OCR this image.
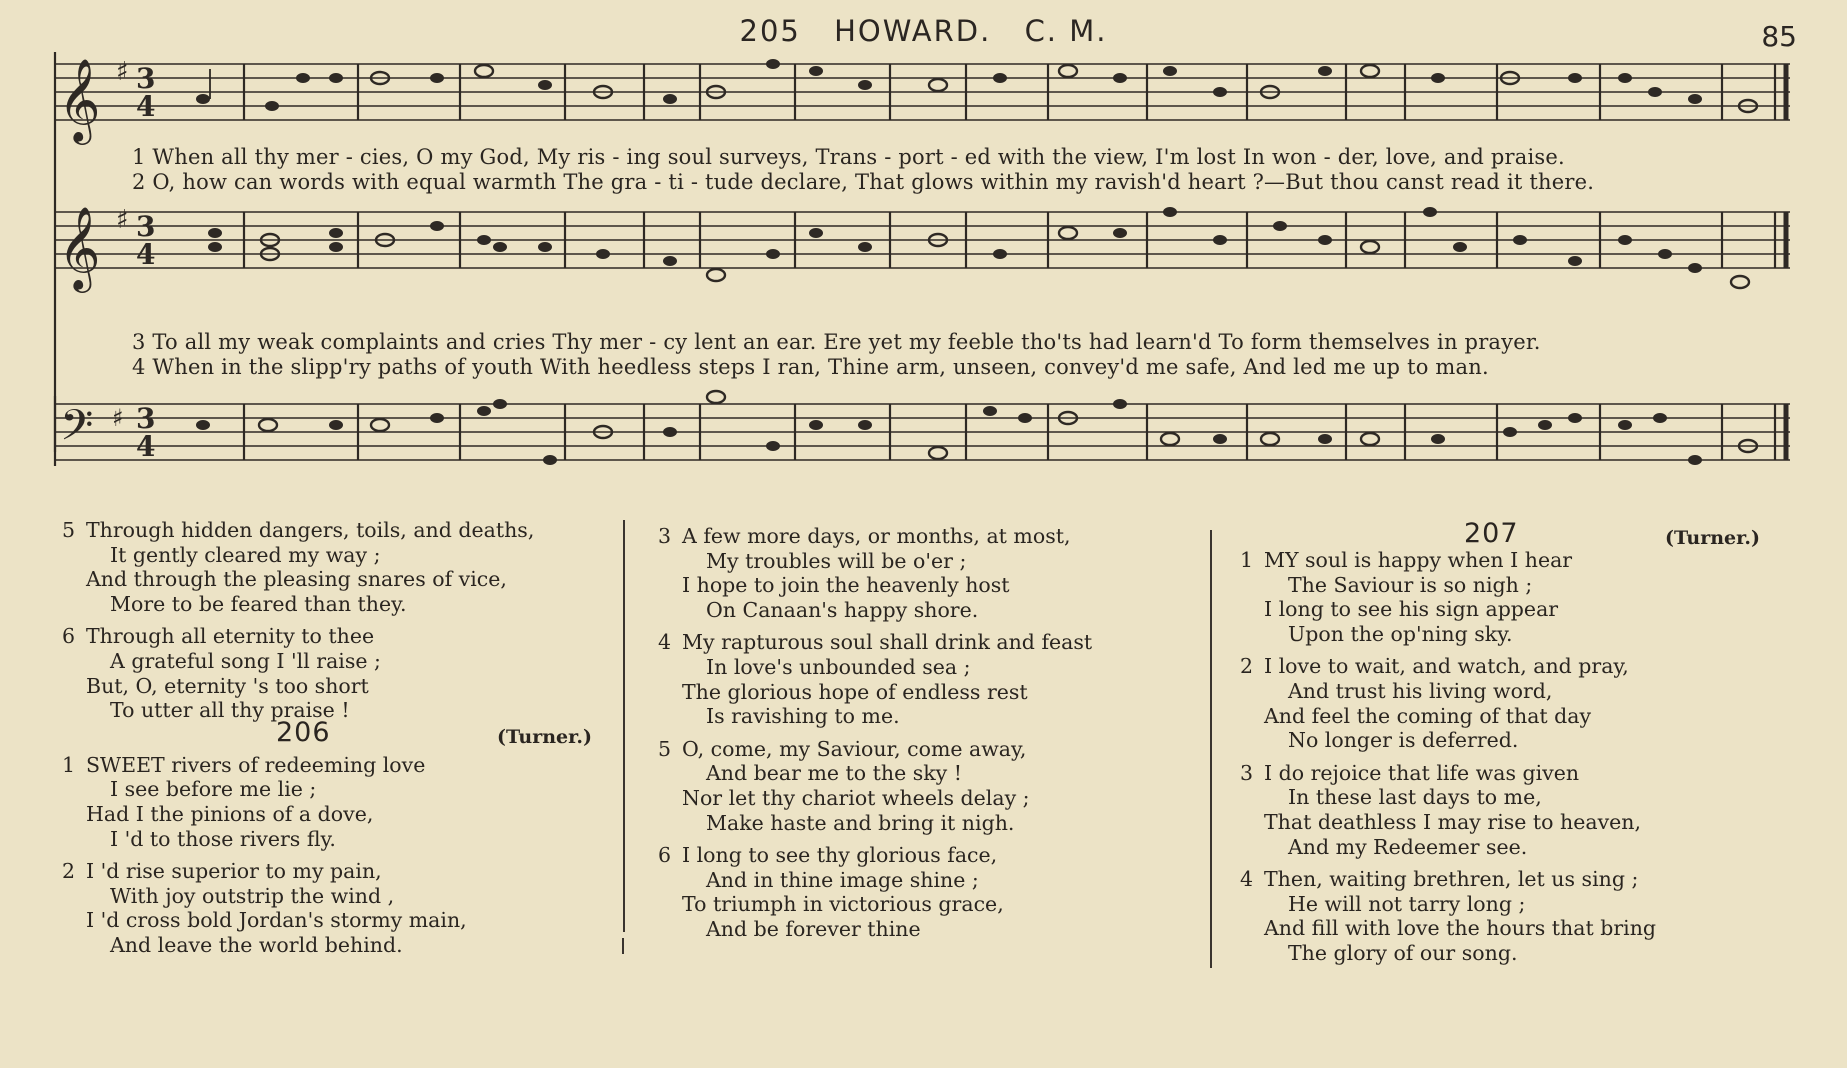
205 HOWARD. C. M.	85
𝄞 ♯ 3
4
1 When all thy mer - cies, O my God, My ris - ing soul surveys, Trans - port - ed with the view, I'm lost In won - der, love, and praise.
2 O, how can words with equal warmth The gra - ti - tude declare, That glows within my ravish'd heart ?—But thou canst read it there.
𝄞 ♯ 3
4
3 To all my weak complaints and cries Thy mer - cy lent an ear. Ere yet my feeble tho'ts had learn'd To form themselves in prayer.
4 When in the slipp'ry paths of youth With heedless steps I ran, Thine arm, unseen, convey'd me safe, And led me up to man.
𝄢 ♯ 3
4
5 Through hidden dangers, toils, and deaths,
It gently cleared my way ;
And through the pleasing snares of vice,
More to be feared than they.
6 Through all eternity to thee
A grateful song I 'll raise ;
But, O, eternity 's too short
To utter all thy praise !
206	(Turner.)
1 SWEET rivers of redeeming love
I see before me lie ;
Had I the pinions of a dove,
I 'd to those rivers fly.
2 I 'd rise superior to my pain,
With joy outstrip the wind ,
I 'd cross bold Jordan's stormy main,
And leave the world behind.
3 A few more days, or months, at most,
My troubles will be o'er ;
I hope to join the heavenly host
On Canaan's happy shore.
4 My rapturous soul shall drink and feast
In love's unbounded sea ;
The glorious hope of endless rest
Is ravishing to me.
5 O, come, my Saviour, come away,
And bear me to the sky !
Nor let thy chariot wheels delay ;
Make haste and bring it nigh.
6 I long to see thy glorious face,
And in thine image shine ;
To triumph in victorious grace,
And be forever thine
207	(Turner.)
1 MY soul is happy when I hear
The Saviour is so nigh ;
I long to see his sign appear
Upon the op'ning sky.
2 I love to wait, and watch, and pray,
And trust his living word,
And feel the coming of that day
No longer is deferred.
3 I do rejoice that life was given
In these last days to me,
That deathless I may rise to heaven,
And my Redeemer see.
4 Then, waiting brethren, let us sing ;
He will not tarry long ;
And fill with love the hours that bring
The glory of our song.
